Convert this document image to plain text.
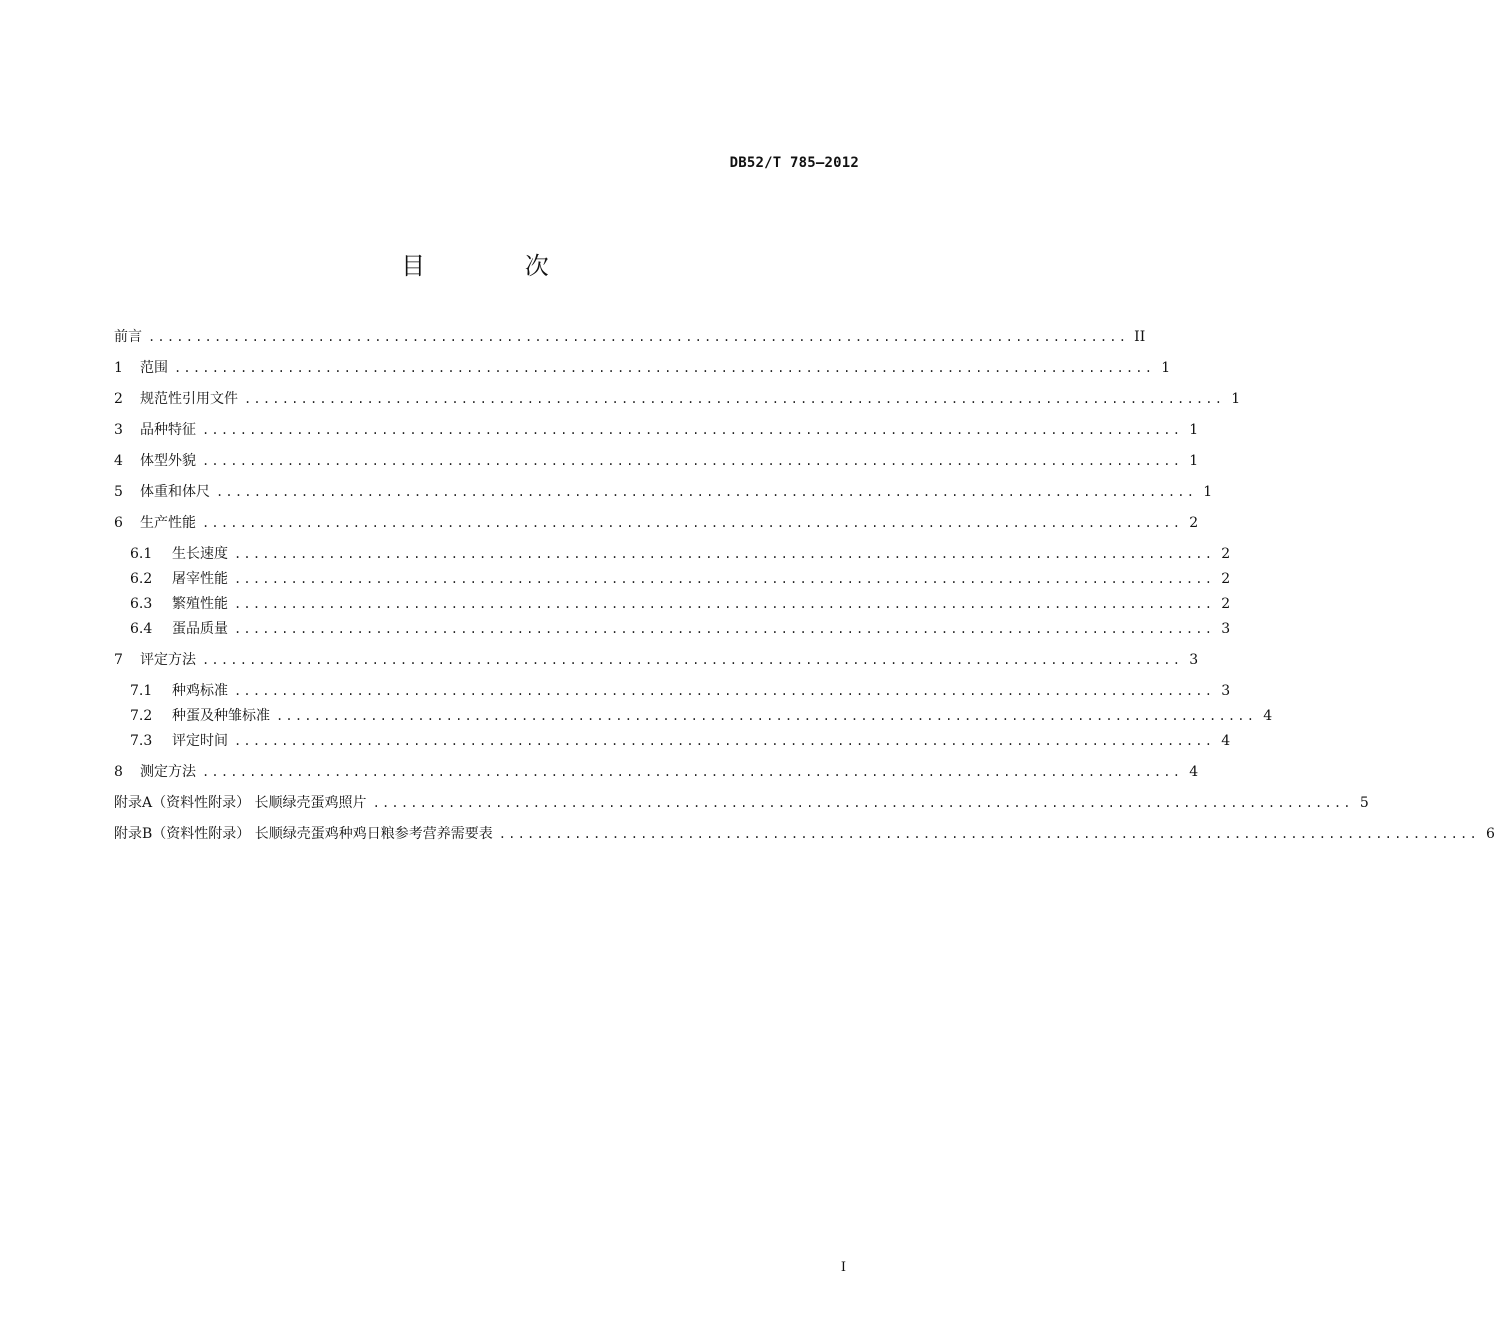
DB52/T 785—2012
目 次
前言 ........................................................................................................ II
1	范围 ........................................................................................................ 1
2	规范性引用文件 ........................................................................................................ 1
3	品种特征 ........................................................................................................ 1
4	体型外貌 ........................................................................................................ 1
5	体重和体尺 ........................................................................................................ 1
6	生产性能 ........................................................................................................ 2
6.1	生长速度 ........................................................................................................ 2
6.2	屠宰性能 ........................................................................................................ 2
6.3	繁殖性能 ........................................................................................................ 2
6.4	蛋品质量 ........................................................................................................ 3
7	评定方法 ........................................................................................................ 3
7.1	种鸡标准 ........................................................................................................ 3
7.2	种蛋及种雏标准 ........................................................................................................ 4
7.3	评定时间 ........................................................................................................ 4
8	测定方法 ........................................................................................................ 4
附录A（资料性附录） 长顺绿壳蛋鸡照片 ........................................................................................................ 5
附录B（资料性附录） 长顺绿壳蛋鸡种鸡日粮参考营养需要表 ........................................................................................................ 6
I
